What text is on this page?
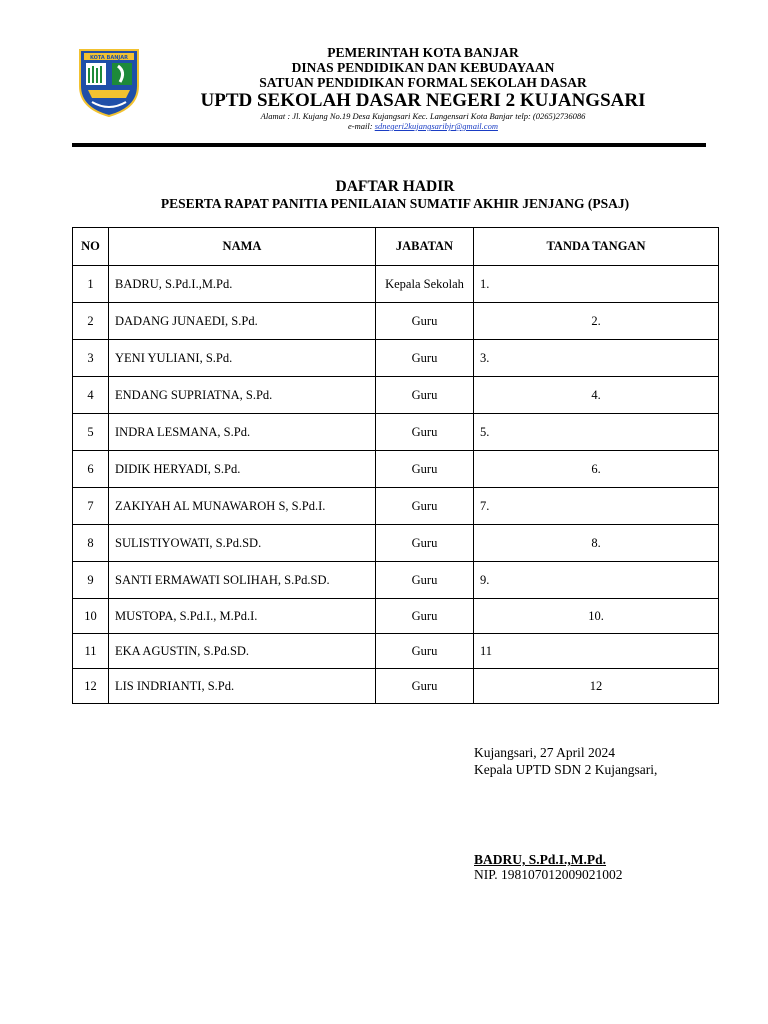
KOTA BANJAR	PEMERINTAH KOTA BANJAR
DINAS PENDIDIKAN DAN KEBUDAYAAN
SATUAN PENDIDIKAN FORMAL SEKOLAH DASAR
UPTD SEKOLAH DASAR NEGERI 2 KUJANGSARI
Alamat : Jl. Kujang No.19 Desa Kujangsari Kec. Langensari Kota Banjar telp: (0265)2736086
e-mail: sdnegeri2kujangsaribjr@gmail.com
DAFTAR HADIR
PESERTA RAPAT PANITIA PENILAIAN SUMATIF AKHIR JENJANG (PSAJ)
NO	NAMA	JABATAN	TANDA TANGAN
1	BADRU, S.Pd.I.,M.Pd.	Kepala Sekolah	1.
2	DADANG JUNAEDI, S.Pd.	Guru	2.
3	YENI YULIANI, S.Pd.	Guru	3.
4	ENDANG SUPRIATNA, S.Pd.	Guru	4.
5	INDRA LESMANA, S.Pd.	Guru	5.
6	DIDIK HERYADI, S.Pd.	Guru	6.
7	ZAKIYAH AL MUNAWAROH S, S.Pd.I.	Guru	7.
8	SULISTIYOWATI, S.Pd.SD.	Guru	8.
9	SANTI ERMAWATI SOLIHAH, S.Pd.SD.	Guru	9.
10	MUSTOPA, S.Pd.I., M.Pd.I.	Guru	10.
11	EKA AGUSTIN, S.Pd.SD.	Guru	11
12	LIS INDRIANTI, S.Pd.	Guru	12
Kujangsari, 27 April 2024
Kepala UPTD SDN 2 Kujangsari,
BADRU, S.Pd.I.,M.Pd.
NIP. 198107012009021002
